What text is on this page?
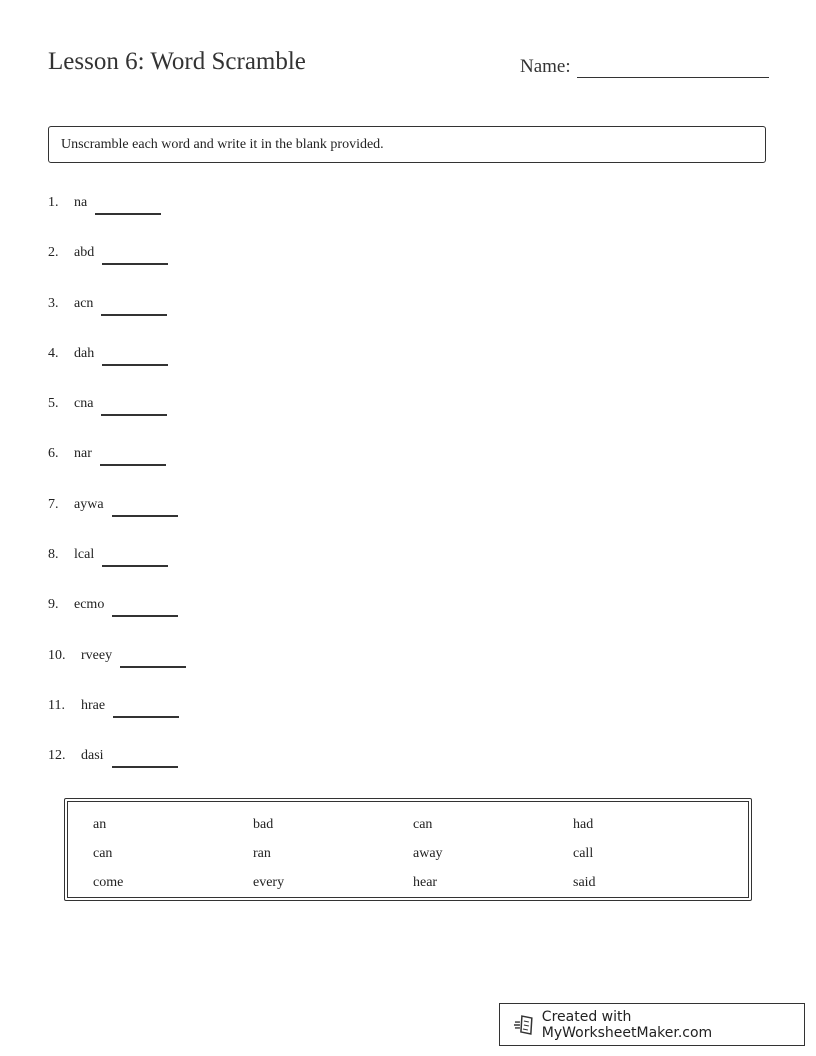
Lesson 6: Word Scramble	Name:
Unscramble each word and write it in the blank provided.
1.	na
2.	abd
3.	acn
4.	dah
5.	cna
6.	nar
7.	aywa
8.	lcal
9.	ecmo
10.	rveey
11.	hrae
12.	dasi
an	bad	can	had
can	ran	away	call
come	every	hear	said
Created with MyWorksheetMaker.com
